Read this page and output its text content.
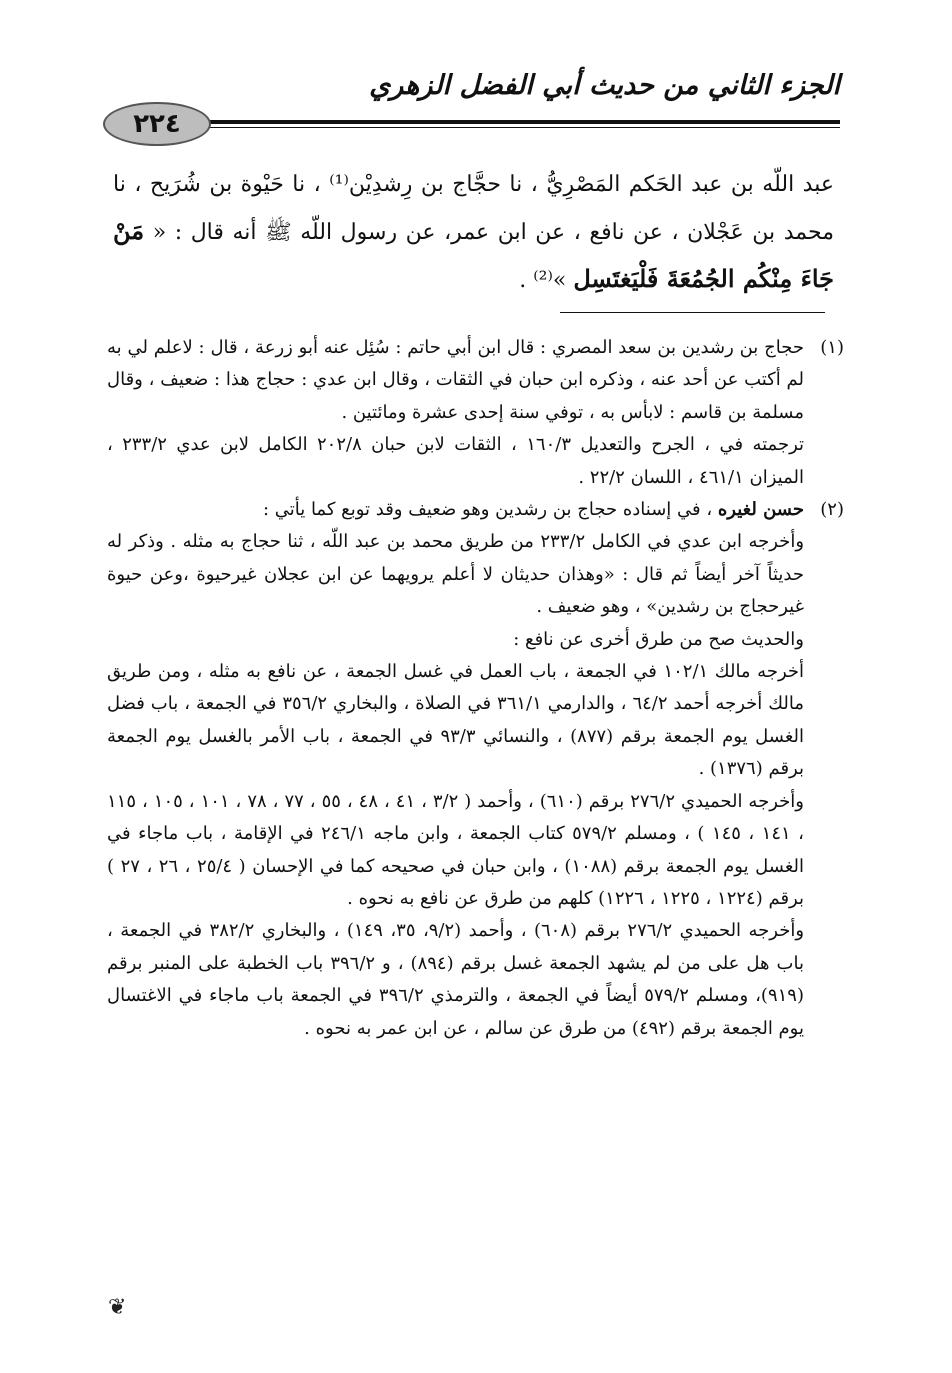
الجزء الثاني من حديث أبي الفضل الزهري
٢٢٤
عبد اللّه بن عبد الحَكم المَصْرِيُّ ، نا حجَّاج بن رِشدِيْن⁽¹⁾ ، نا حَيْوة بن شُرَيح ، نا محمد بن عَجْلان ، عن نافع ، عن ابن عمر، عن رسول اللّه ﷺ أنه قال : « مَنْ جَاءَ مِنْكُم الجُمُعَةَ فَلْيَغتَسِل »⁽²⁾ .
(١)

حجاج بن رشدين بن سعد المصري : قال ابن أبي حاتم : سُئِل عنه أبو زرعة ، قال : لاعلم لي به لم أكتب عن أحد عنه ، وذكره ابن حبان في الثقات ، وقال ابن عدي : حجاج هذا : ضعيف ، وقال مسلمة بن قاسم : لابأس به ، توفي سنة إحدى عشرة ومائتين .

ترجمته في ، الجرح والتعديل ١٦٠/٣ ، الثقات لابن حبان ٢٠٢/٨ الكامل لابن عدي ٢٣٣/٢ ، الميزان ٤٦١/١ ، اللسان ٢٢/٢ .

(٢)

حسن لغيره ، في إسناده حجاج بن رشدين وهو ضعيف وقد توبع كما يأتي :

وأخرجه ابن عدي في الكامل ٢٣٣/٢ من طريق محمد بن عبد اللّه ، ثنا حجاج به مثله . وذكر له حديثاً آخر أيضاً ثم قال : «وهذان حديثان لا أعلم يرويهما عن ابن عجلان غيرحيوة ،وعن حيوة غيرحجاج بن رشدين» ، وهو ضعيف .

والحديث صح من طرق أخرى عن نافع :

أخرجه مالك ١٠٢/١ في الجمعة ، باب العمل في غسل الجمعة ، عن نافع به مثله ، ومن طريق مالك أخرجه أحمد ٦٤/٢ ، والدارمي ٣٦١/١ في الصلاة ، والبخاري ٣٥٦/٢ في الجمعة ، باب فضل الغسل يوم الجمعة برقم (٨٧٧) ، والنسائي ٩٣/٣ في الجمعة ، باب الأمر بالغسل يوم الجمعة برقم (١٣٧٦) .

وأخرجه الحميدي ٢٧٦/٢ برقم (٦١٠) ، وأحمد ( ٣/٢ ، ٤١ ، ٤٨ ، ٥٥ ، ٧٧ ، ٧٨ ، ١٠١ ، ١٠٥ ، ١١٥ ، ١٤١ ، ١٤٥ ) ، ومسلم ٥٧٩/٢ كتاب الجمعة ، وابن ماجه ٢٤٦/١ في الإقامة ، باب ماجاء في الغسل يوم الجمعة برقم (١٠٨٨) ، وابن حبان في صحيحه كما في الإحسان ( ٢٥/٤ ، ٢٦ ، ٢٧ ) برقم (١٢٢٤ ، ١٢٢٥ ، ١٢٢٦) كلهم من طرق عن نافع به نحوه .

وأخرجه الحميدي ٢٧٦/٢ برقم (٦٠٨) ، وأحمد (٩/٢، ٣٥، ١٤٩) ، والبخاري ٣٨٢/٢ في الجمعة ، باب هل على من لم يشهد الجمعة غسل برقم (٨٩٤) ، و ٣٩٦/٢ باب الخطبة على المنبر برقم (٩١٩)، ومسلم ٥٧٩/٢ أيضاً في الجمعة ، والترمذي ٣٩٦/٢ في الجمعة باب ماجاء في الاغتسال يوم الجمعة برقم (٤٩٢) من طرق عن سالم ، عن ابن عمر به نحوه .

❦
